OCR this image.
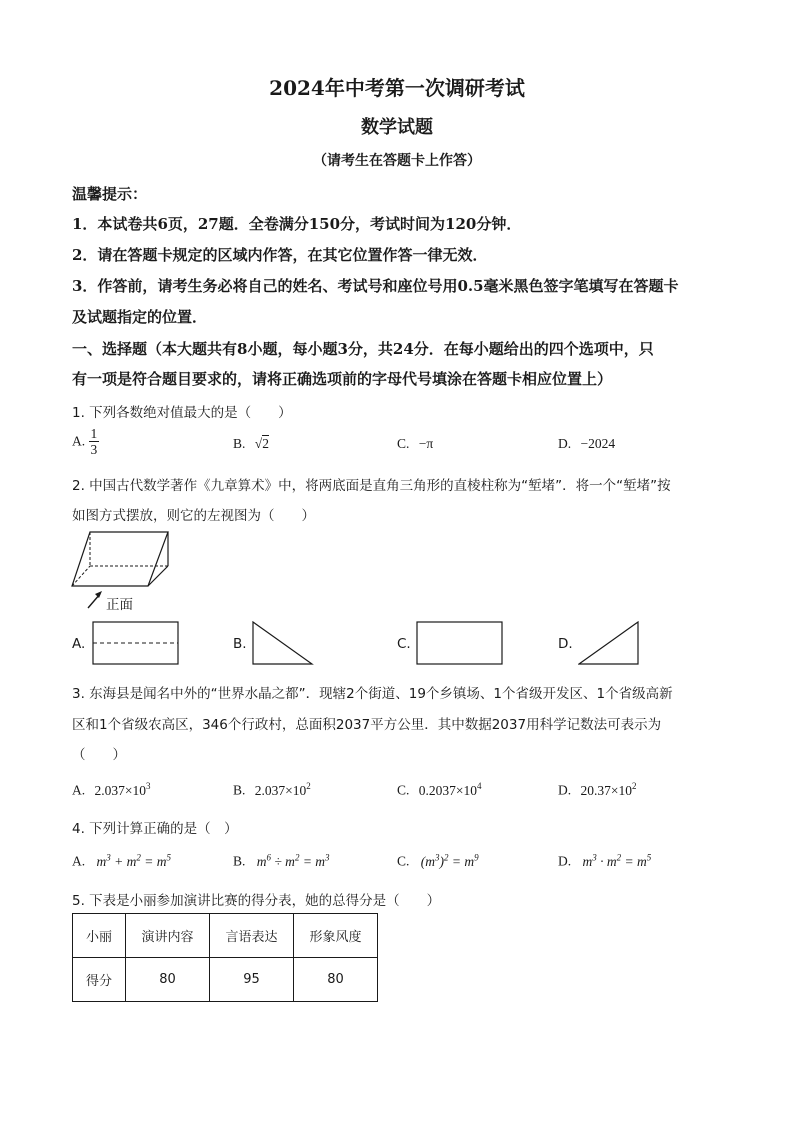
2024年中考第一次调研考试
数学试题
（请考生在答题卡上作答）
温馨提示：
1．本试卷共6页，27题．全卷满分150分，考试时间为120分钟．
2．请在答题卡规定的区域内作答，在其它位置作答一律无效．
3．作答前，请考生务必将自己的姓名、考试号和座位号用0.5毫米黑色签字笔填写在答题卡
及试题指定的位置．
一、选择题（本大题共有8小题，每小题3分，共24分．在每小题给出的四个选项中，只
有一项是符合题目要求的，请将正确选项前的字母代号填涂在答题卡相应位置上）
1. 下列各数绝对值最大的是（　　）
A. $\frac{1}{3}$	B. √2	C. −π	D. −2024
2. 中国古代数学著作《九章算术》中，将两底面是直角三角形的直棱柱称为“堑堵”．将一个“堑堵”按
如图方式摆放，则它的左视图为（　　）
正面
A.	B.	C.	D.
3. 东海县是闻名中外的“世界水晶之都”．现辖2个街道、19个乡镇场、1个省级开发区、1个省级高新
区和1个省级农高区，346个行政村，总面积2037平方公里．其中数据2037用科学记数法可表示为
（　　）
A. $2.037\times 10^3$	B. $2.037\times 10^2$	C. $0.2037\times 10^4$	D. $20.37\times 10^2$
4. 下列计算正确的是（　）
A. $m^3 + m^2 = m^5$	B. $m^6 \div m^2 = m^3$	C. $(m^3)^2 = m^9$	D. $m^3 \cdot m^2 = m^5$
5. 下表是小丽参加演讲比赛的得分表，她的总得分是（　　）
小丽	演讲内容	言语表达	形象风度
得分	80	95	80
